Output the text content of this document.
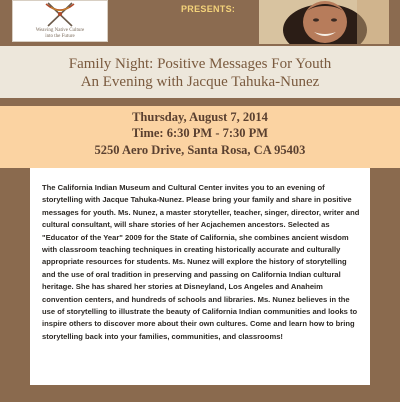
Weaving Native Culture
into the Future
PRESENTS:
Family Night: Positive Messages For Youth
An Evening with Jacque Tahuka-Nunez
Thursday, August 7, 2014
Time: 6:30 PM - 7:30 PM
5250 Aero Drive, Santa Rosa, CA 95403
The California Indian Museum and Cultural Center invites you to an evening of storytelling with Jacque Tahuka-Nunez. Please bring your family and share in positive messages for youth. Ms. Nunez, a master storyteller, teacher, singer, director, writer and cultural consultant, will share stories of her Acjachemen ancestors. Selected as "Educator of the Year" 2009 for the State of California, she combines ancient wisdom with classroom teaching techniques in creating historically accurate and culturally appropriate resources for students. Ms. Nunez will explore the history of storytelling and the use of oral tradition in preserving and passing on California Indian cultural heritage. She has shared her stories at Disneyland, Los Angeles and Anaheim convention centers, and hundreds of schools and libraries. Ms. Nunez believes in the use of storytelling to illustrate the beauty of California Indian communities and looks to inspire others to discover more about their own cultures. Come and learn how to bring storytelling back into your families, communities, and classrooms!
